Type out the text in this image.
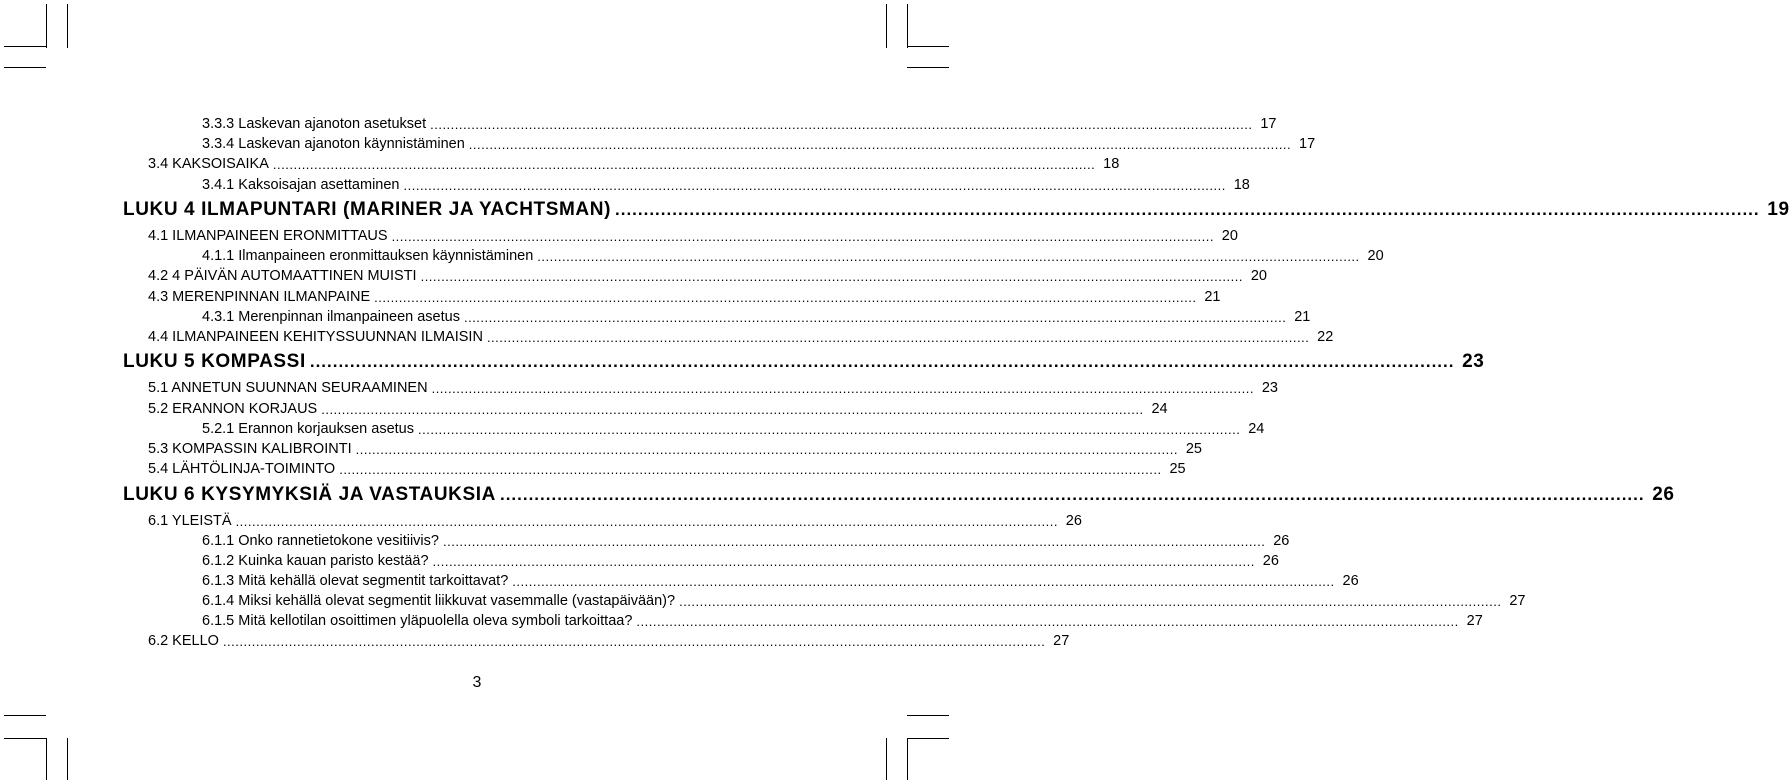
3.3.3 Laskevan ajanoton asetukset ........................................................................................................................................................................................................ 17
3.3.4 Laskevan ajanoton käynnistäminen ........................................................................................................................................................................................................ 17
3.4 KAKSOISAIKA ........................................................................................................................................................................................................ 18
3.4.1 Kaksoisajan asettaminen ........................................................................................................................................................................................................ 18
LUKU 4 ILMAPUNTARI (MARINER JA YACHTSMAN) ........................................................................................................................................................................................................ 19
4.1 ILMANPAINEEN ERONMITTAUS ........................................................................................................................................................................................................ 20
4.1.1 Ilmanpaineen eronmittauksen käynnistäminen ........................................................................................................................................................................................................ 20
4.2 4 PÄIVÄN AUTOMAATTINEN MUISTI ........................................................................................................................................................................................................ 20
4.3 MERENPINNAN ILMANPAINE ........................................................................................................................................................................................................ 21
4.3.1 Merenpinnan ilmanpaineen asetus ........................................................................................................................................................................................................ 21
4.4 ILMANPAINEEN KEHITYSSUUNNAN ILMAISIN ........................................................................................................................................................................................................ 22
LUKU 5 KOMPASSI ........................................................................................................................................................................................................ 23
5.1 ANNETUN SUUNNAN SEURAAMINEN ........................................................................................................................................................................................................ 23
5.2 ERANNON KORJAUS ........................................................................................................................................................................................................ 24
5.2.1 Erannon korjauksen asetus ........................................................................................................................................................................................................ 24
5.3 KOMPASSIN KALIBROINTI ........................................................................................................................................................................................................ 25
5.4 LÄHTÖLINJA-TOIMINTO ........................................................................................................................................................................................................ 25
LUKU 6 KYSYMYKSIÄ JA VASTAUKSIA ........................................................................................................................................................................................................ 26
6.1 YLEISTÄ ........................................................................................................................................................................................................ 26
6.1.1 Onko rannetietokone vesitiivis? ........................................................................................................................................................................................................ 26
6.1.2 Kuinka kauan paristo kestää? ........................................................................................................................................................................................................ 26
6.1.3 Mitä kehällä olevat segmentit tarkoittavat? ........................................................................................................................................................................................................ 26
6.1.4 Miksi kehällä olevat segmentit liikkuvat vasemmalle (vastapäivään)? ........................................................................................................................................................................................................ 27
6.1.5 Mitä kellotilan osoittimen yläpuolella oleva symboli tarkoittaa? ........................................................................................................................................................................................................ 27
6.2 KELLO ........................................................................................................................................................................................................ 27
3
